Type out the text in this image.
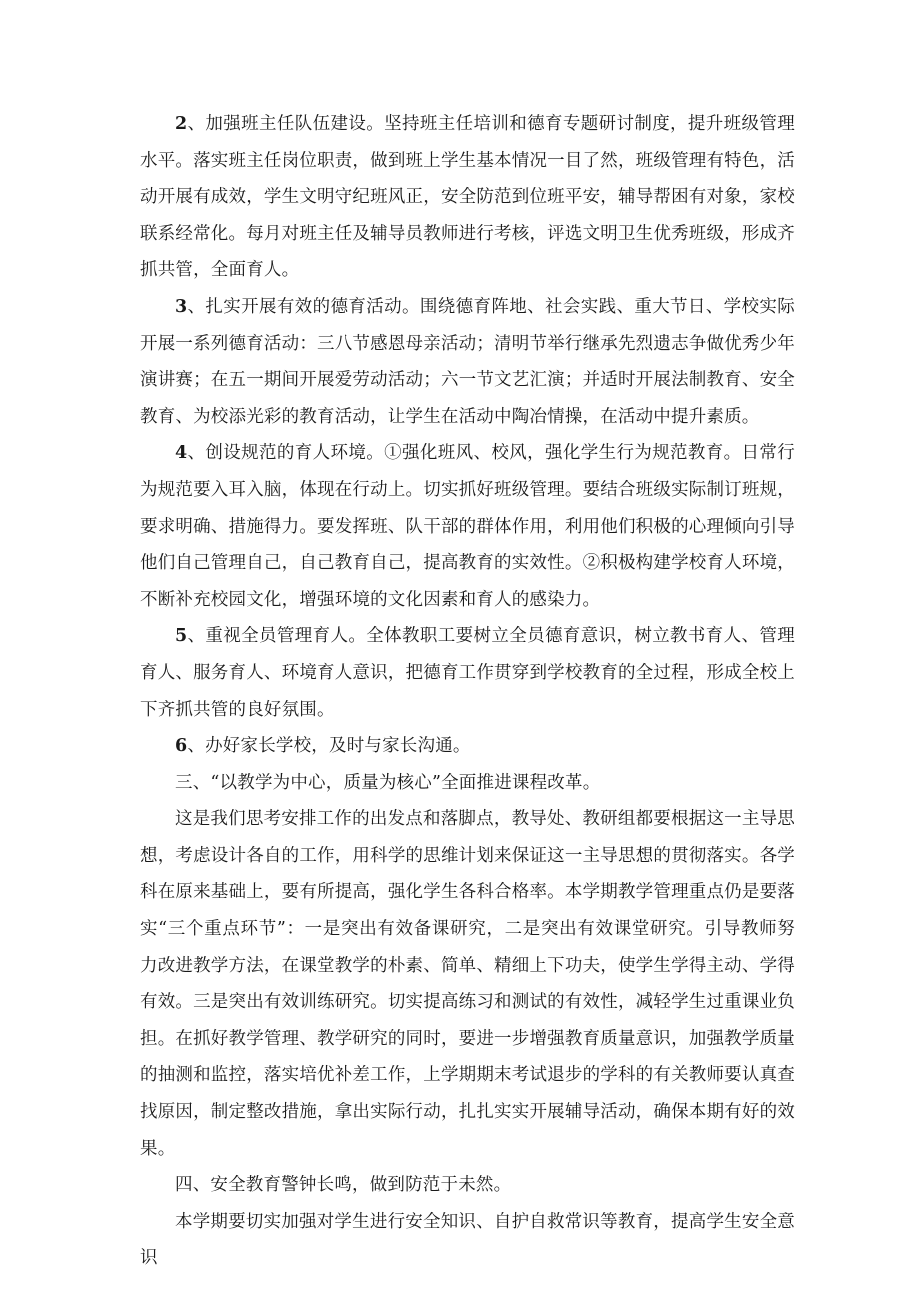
2、加强班主任队伍建设。坚持班主任培训和德育专题研讨制度，提升班级管理水平。落实班主任岗位职责，做到班上学生基本情况一目了然，班级管理有特色，活动开展有成效，学生文明守纪班风正，安全防范到位班平安，辅导帮困有对象，家校联系经常化。每月对班主任及辅导员教师进行考核，评选文明卫生优秀班级，形成齐抓共管，全面育人。

3、扎实开展有效的德育活动。围绕德育阵地、社会实践、重大节日、学校实际开展一系列德育活动：三八节感恩母亲活动；清明节举行继承先烈遗志争做优秀少年演讲赛；在五一期间开展爱劳动活动；六一节文艺汇演；并适时开展法制教育、安全教育、为校添光彩的教育活动，让学生在活动中陶冶情操，在活动中提升素质。

4、创设规范的育人环境。①强化班风、校风，强化学生行为规范教育。日常行为规范要入耳入脑，体现在行动上。切实抓好班级管理。要结合班级实际制订班规，要求明确、措施得力。要发挥班、队干部的群体作用，利用他们积极的心理倾向引导他们自己管理自己，自己教育自己，提高教育的实效性。②积极构建学校育人环境，不断补充校园文化，增强环境的文化因素和育人的感染力。

5、重视全员管理育人。全体教职工要树立全员德育意识，树立教书育人、管理育人、服务育人、环境育人意识，把德育工作贯穿到学校教育的全过程，形成全校上下齐抓共管的良好氛围。

6、办好家长学校，及时与家长沟通。

三、“以教学为中心，质量为核心”全面推进课程改革。

这是我们思考安排工作的出发点和落脚点，教导处、教研组都要根据这一主导思想，考虑设计各自的工作，用科学的思维计划来保证这一主导思想的贯彻落实。各学科在原来基础上，要有所提高，强化学生各科合格率。本学期教学管理重点仍是要落实“三个重点环节”：一是突出有效备课研究，二是突出有效课堂研究。引导教师努力改进教学方法，在课堂教学的朴素、简单、精细上下功夫，使学生学得主动、学得有效。三是突出有效训练研究。切实提高练习和测试的有效性，减轻学生过重课业负担。在抓好教学管理、教学研究的同时，要进一步增强教育质量意识，加强教学质量的抽测和监控，落实培优补差工作，上学期期末考试退步的学科的有关教师要认真查找原因，制定整改措施，拿出实际行动，扎扎实实开展辅导活动，确保本期有好的效果。

四、安全教育警钟长鸣，做到防范于未然。

本学期要切实加强对学生进行安全知识、自护自救常识等教育，提高学生安全意识
